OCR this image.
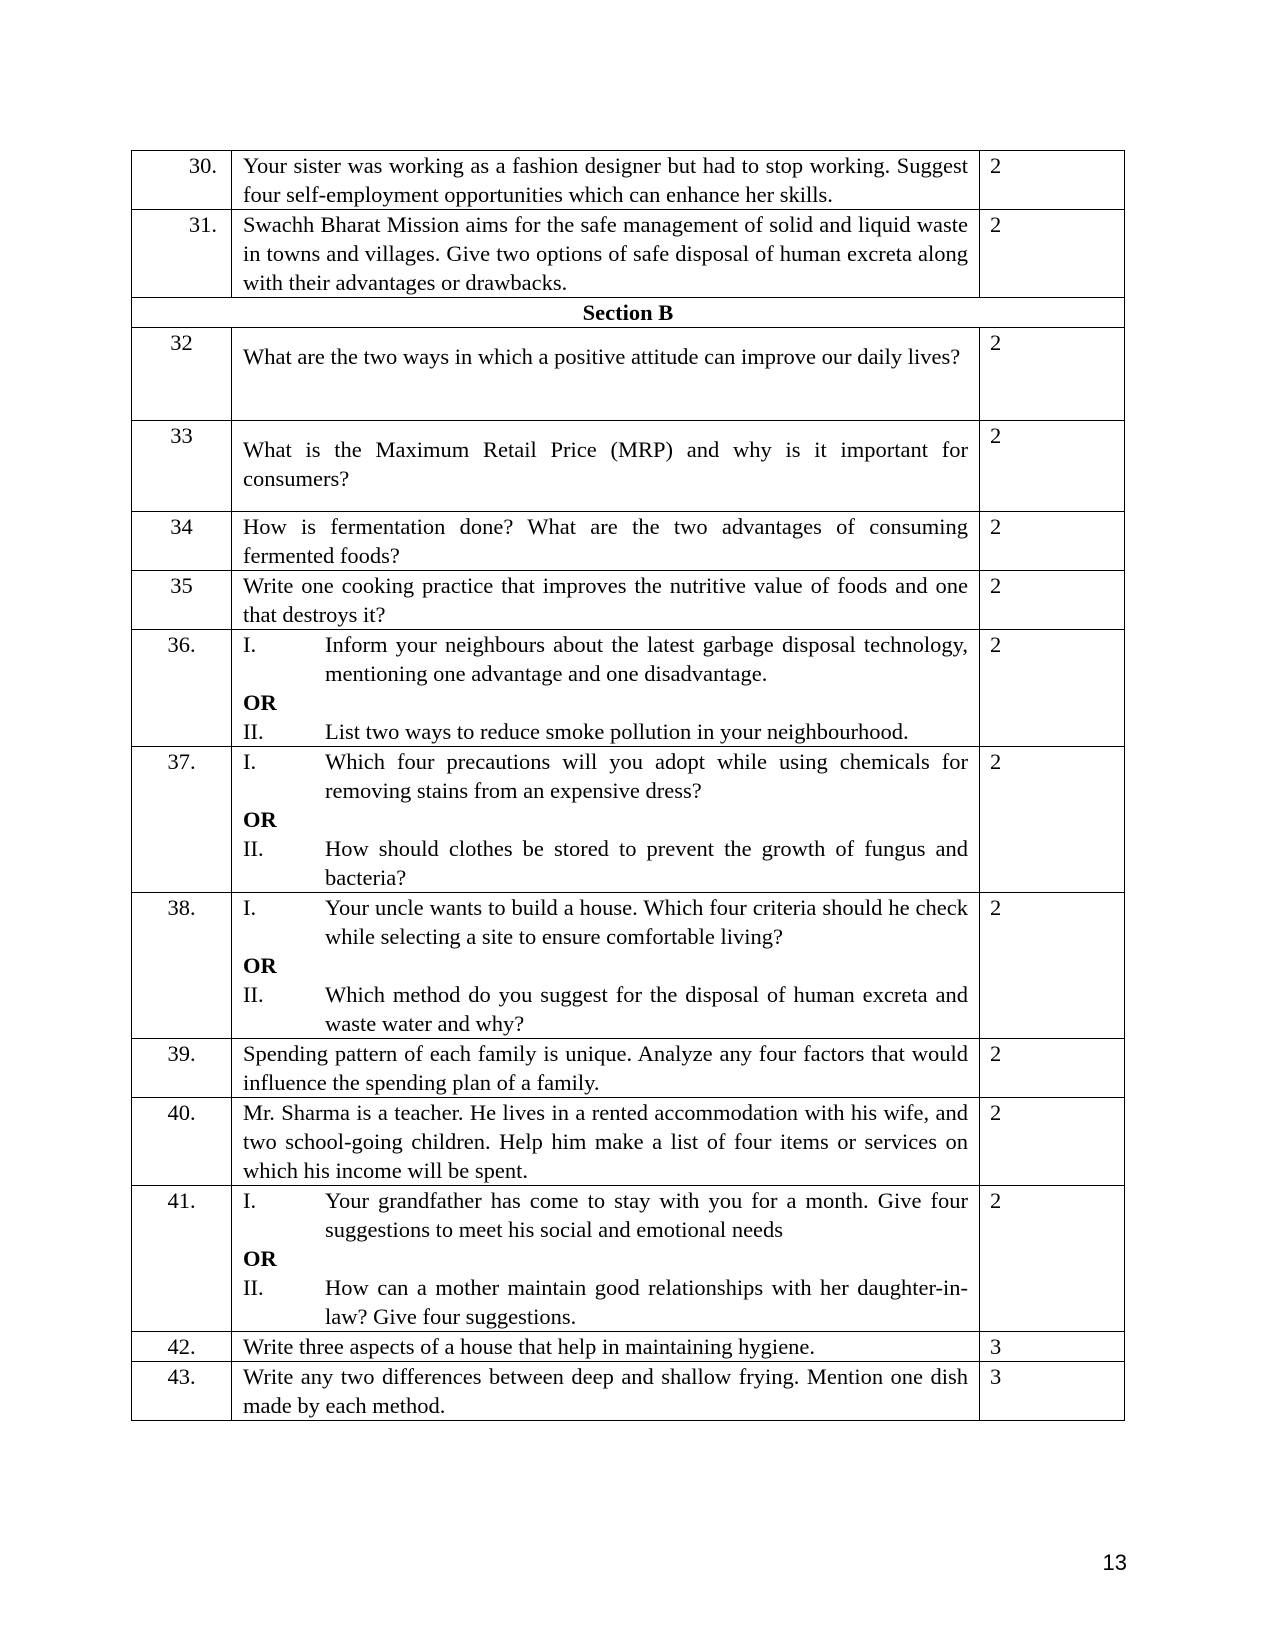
30.	Your sister was working as a fashion designer but had to stop working. Suggest four self-employment opportunities which can enhance her skills.	2
31.	Swachh Bharat Mission aims for the safe management of solid and liquid waste in towns and villages. Give two options of safe disposal of human excreta along with their advantages or drawbacks.	2
Section B		
32	What are the two ways in which a positive attitude can improve our daily lives?	2
33	What is the Maximum Retail Price (MRP) and why is it important for consumers?	2
34	How is fermentation done? What are the two advantages of consuming fermented foods?	2
35	Write one cooking practice that improves the nutritive value of foods and one that destroys it?	2
36.	I. Inform your neighbours about the latest garbage disposal technology, mentioning one advantage and one disadvantage.
OR
II. List two ways to reduce smoke pollution in your neighbourhood.	2
37.	I. Which four precautions will you adopt while using chemicals for removing stains from an expensive dress?
OR
II. How should clothes be stored to prevent the growth of fungus and bacteria?	2
38.	I. Your uncle wants to build a house. Which four criteria should he check while selecting a site to ensure comfortable living?
OR
II. Which method do you suggest for the disposal of human excreta and waste water and why?	2
39.	Spending pattern of each family is unique. Analyze any four factors that would influence the spending plan of a family.	2
40.	Mr. Sharma is a teacher. He lives in a rented accommodation with his wife, and two school-going children. Help him make a list of four items or services on which his income will be spent.	2
41.	I. Your grandfather has come to stay with you for a month. Give four suggestions to meet his social and emotional needs
OR
II. How can a mother maintain good relationships with her daughter-in-law? Give four suggestions.	2
42.	Write three aspects of a house that help in maintaining hygiene.	3
43.	Write any two differences between deep and shallow frying. Mention one dish made by each method.	3
13
